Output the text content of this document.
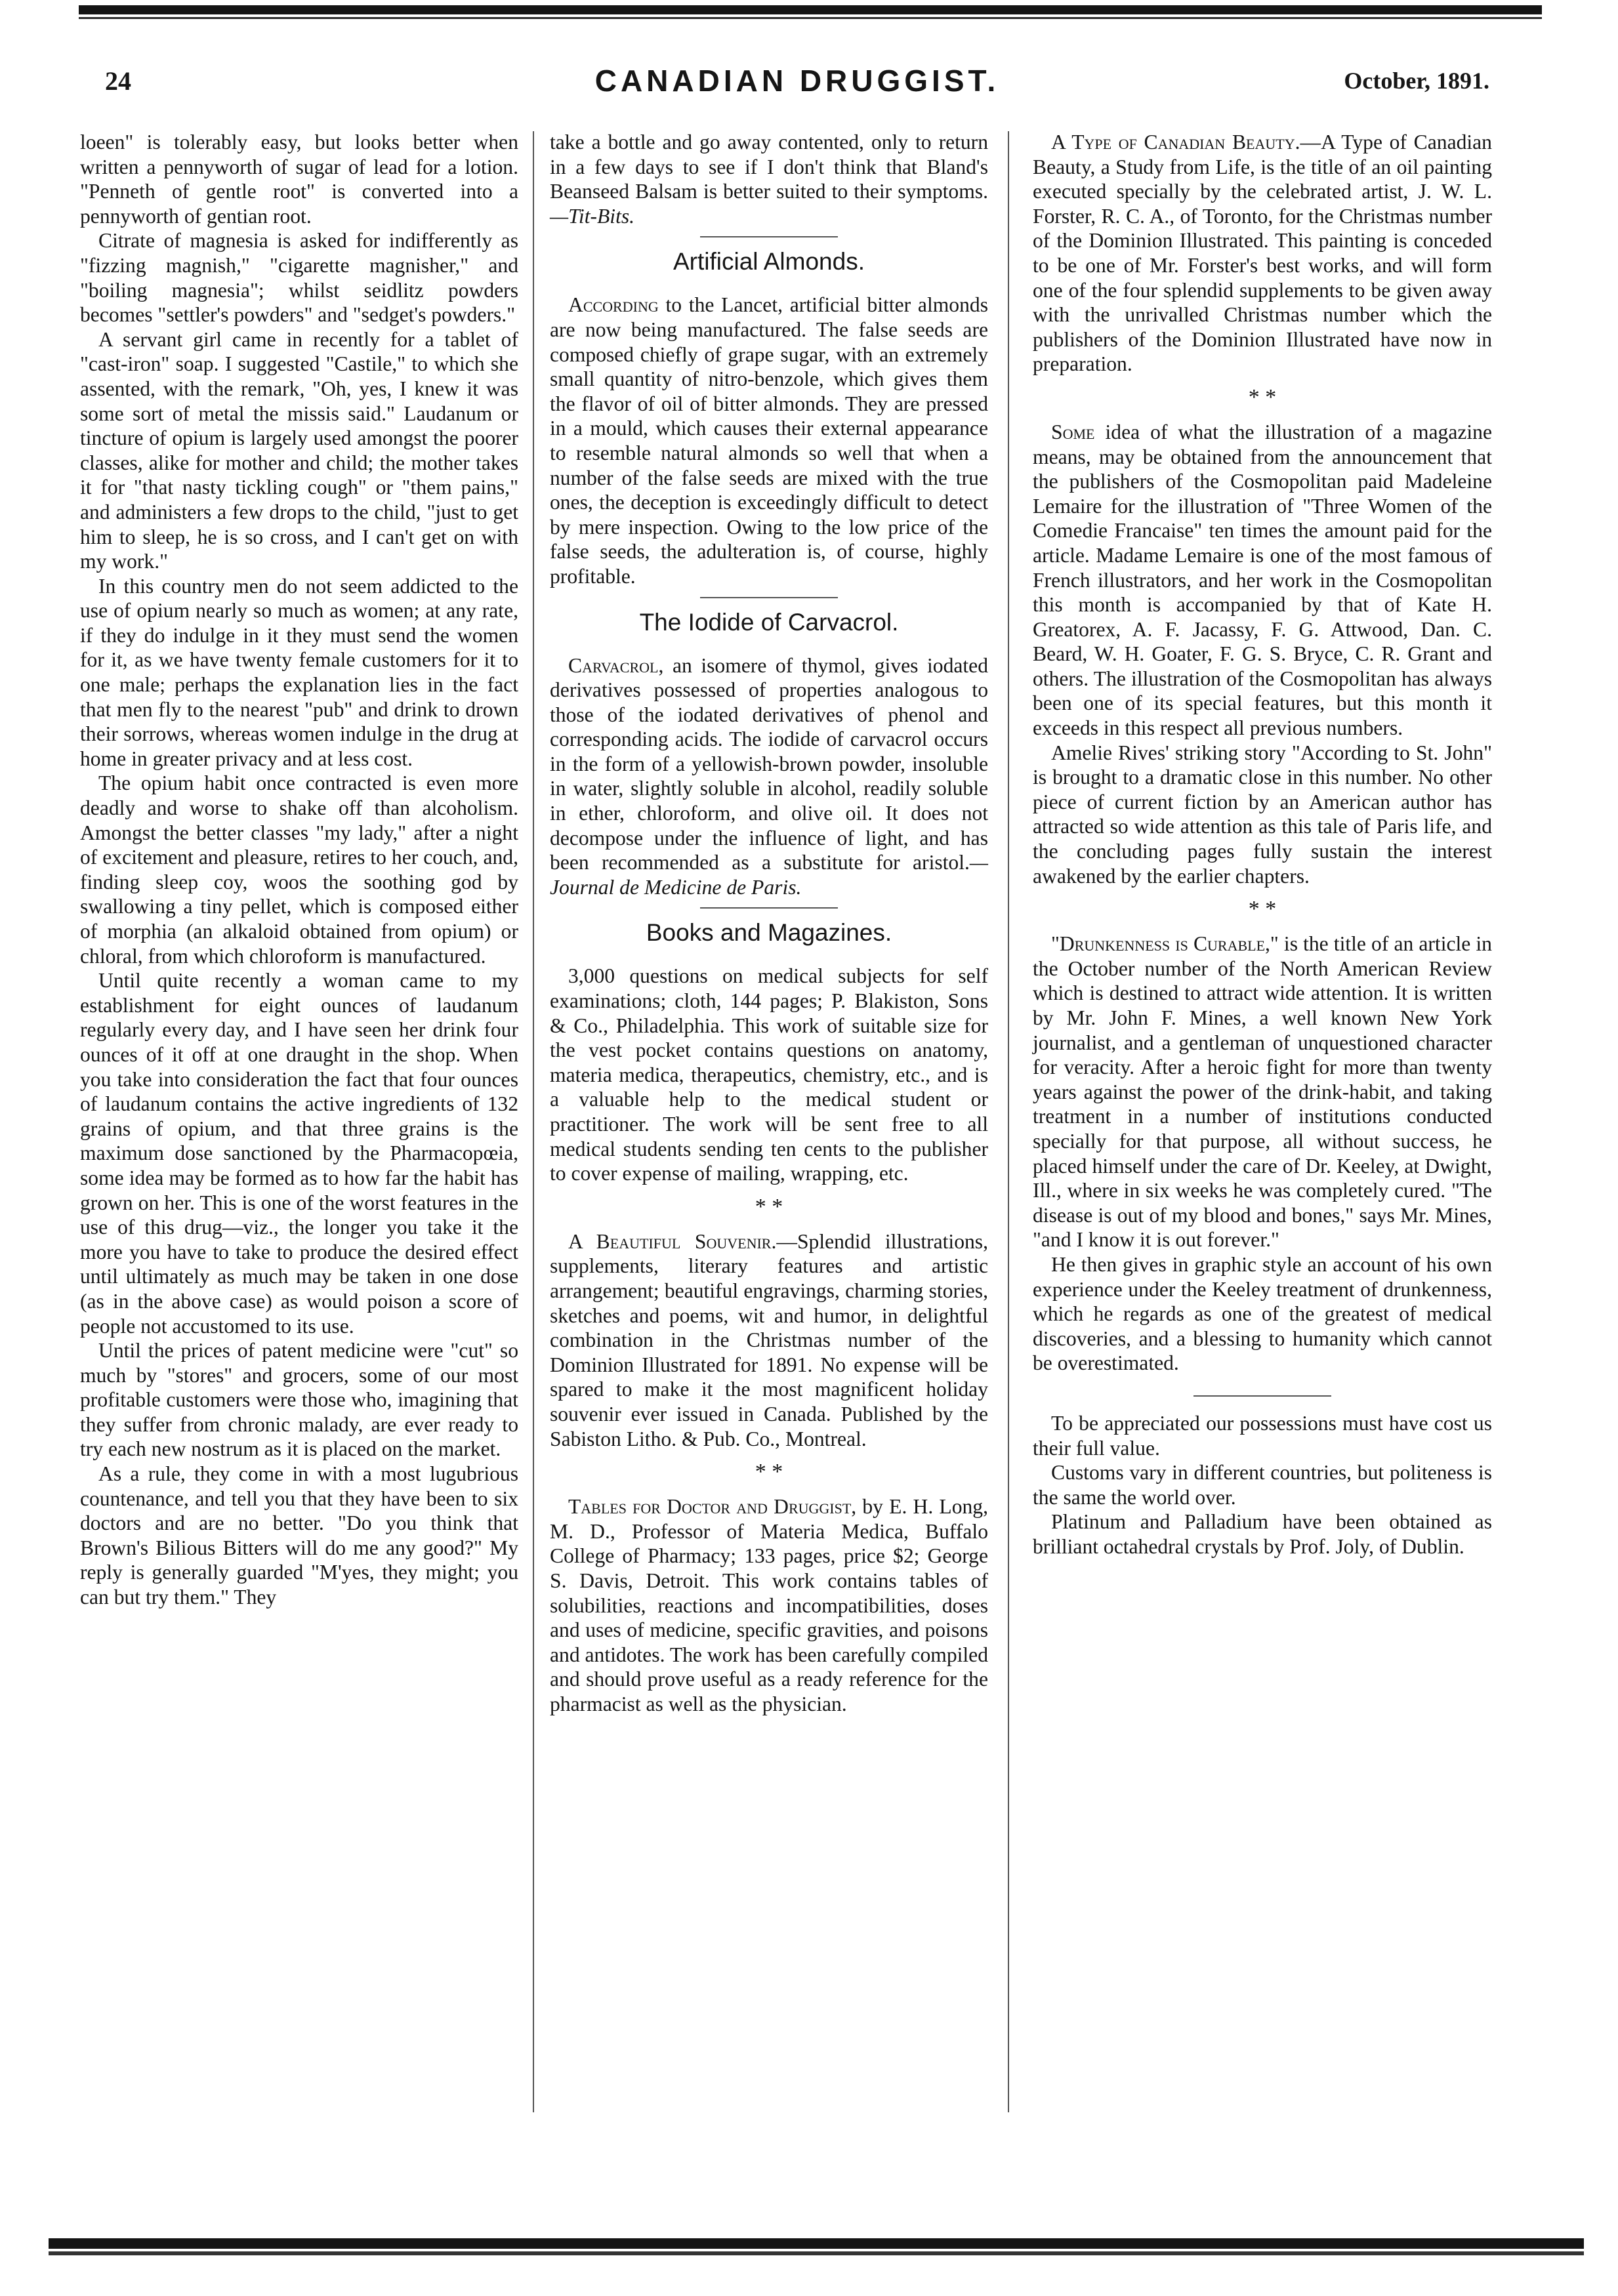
24	CANADIAN DRUGGIST.	October, 1891.

loeen" is tolerably easy, but looks better when written a pennyworth of sugar of lead for a lotion. "Penneth of gentle root" is converted into a pennyworth of gentian root.

Citrate of magnesia is asked for indifferently as "fizzing magnish," "cigarette magnisher," and "boiling magnesia"; whilst seidlitz powders becomes "settler's powders" and "sedget's powders."

A servant girl came in recently for a tablet of "cast-iron" soap. I suggested "Castile," to which she assented, with the remark, "Oh, yes, I knew it was some sort of metal the missis said." Laudanum or tincture of opium is largely used amongst the poorer classes, alike for mother and child; the mother takes it for "that nasty tickling cough" or "them pains," and administers a few drops to the child, "just to get him to sleep, he is so cross, and I can't get on with my work."

In this country men do not seem addicted to the use of opium nearly so much as women; at any rate, if they do indulge in it they must send the women for it, as we have twenty female customers for it to one male; perhaps the explanation lies in the fact that men fly to the nearest "pub" and drink to drown their sorrows, whereas women indulge in the drug at home in greater privacy and at less cost.

The opium habit once contracted is even more deadly and worse to shake off than alcoholism. Amongst the better classes "my lady," after a night of excitement and pleasure, retires to her couch, and, finding sleep coy, woos the soothing god by swallowing a tiny pellet, which is composed either of morphia (an alkaloid obtained from opium) or chloral, from which chloroform is manufactured.

Until quite recently a woman came to my establishment for eight ounces of laudanum regularly every day, and I have seen her drink four ounces of it off at one draught in the shop. When you take into consideration the fact that four ounces of laudanum contains the active ingredients of 132 grains of opium, and that three grains is the maximum dose sanctioned by the Pharmacopœia, some idea may be formed as to how far the habit has grown on her. This is one of the worst features in the use of this drug—viz., the longer you take it the more you have to take to produce the desired effect until ultimately as much may be taken in one dose (as in the above case) as would poison a score of people not accustomed to its use.

Until the prices of patent medicine were "cut" so much by "stores" and grocers, some of our most profitable customers were those who, imagining that they suffer from chronic malady, are ever ready to try each new nostrum as it is placed on the market.

As a rule, they come in with a most lugubrious countenance, and tell you that they have been to six doctors and are no better. "Do you think that Brown's Bilious Bitters will do me any good?" My reply is generally guarded "M'yes, they might; you can but try them." They

take a bottle and go away contented, only to return in a few days to see if I don't think that Bland's Beanseed Balsam is better suited to their symptoms.—Tit-Bits.

Artificial Almonds.

According to the Lancet, artificial bitter almonds are now being manufactured. The false seeds are composed chiefly of grape sugar, with an extremely small quantity of nitro-benzole, which gives them the flavor of oil of bitter almonds. They are pressed in a mould, which causes their external appearance to resemble natural almonds so well that when a number of the false seeds are mixed with the true ones, the deception is exceedingly difficult to detect by mere inspection. Owing to the low price of the false seeds, the adulteration is, of course, highly profitable.

The Iodide of Carvacrol.

Carvacrol, an isomere of thymol, gives iodated derivatives possessed of properties analogous to those of the iodated derivatives of phenol and corresponding acids. The iodide of carvacrol occurs in the form of a yellowish-brown powder, insoluble in water, slightly soluble in alcohol, readily soluble in ether, chloroform, and olive oil. It does not decompose under the influence of light, and has been recommended as a substitute for aristol.—Journal de Medicine de Paris.

Books and Magazines.

3,000 questions on medical subjects for self examinations; cloth, 144 pages; P. Blakiston, Sons & Co., Philadelphia. This work of suitable size for the vest pocket contains questions on anatomy, materia medica, therapeutics, chemistry, etc., and is a valuable help to the medical student or practitioner. The work will be sent free to all medical students sending ten cents to the publisher to cover expense of mailing, wrapping, etc.

* *

A Beautiful Souvenir.—Splendid illustrations, supplements, literary features and artistic arrangement; beautiful engravings, charming stories, sketches and poems, wit and humor, in delightful combination in the Christmas number of the Dominion Illustrated for 1891. No expense will be spared to make it the most magnificent holiday souvenir ever issued in Canada. Published by the Sabiston Litho. & Pub. Co., Montreal.

* *

Tables for Doctor and Druggist, by E. H. Long, M. D., Professor of Materia Medica, Buffalo College of Pharmacy; 133 pages, price $2; George S. Davis, Detroit. This work contains tables of solubilities, reactions and incompatibilities, doses and uses of medicine, specific gravities, and poisons and antidotes. The work has been carefully compiled and should prove useful as a ready reference for the pharmacist as well as the physician.

A Type of Canadian Beauty.—A Type of Canadian Beauty, a Study from Life, is the title of an oil painting executed specially by the celebrated artist, J. W. L. Forster, R. C. A., of Toronto, for the Christmas number of the Dominion Illustrated. This painting is conceded to be one of Mr. Forster's best works, and will form one of the four splendid supplements to be given away with the unrivalled Christmas number which the publishers of the Dominion Illustrated have now in preparation.

* *

Some idea of what the illustration of a magazine means, may be obtained from the announcement that the publishers of the Cosmopolitan paid Madeleine Lemaire for the illustration of "Three Women of the Comedie Francaise" ten times the amount paid for the article. Madame Lemaire is one of the most famous of French illustrators, and her work in the Cosmopolitan this month is accompanied by that of Kate H. Greatorex, A. F. Jacassy, F. G. Attwood, Dan. C. Beard, W. H. Goater, F. G. S. Bryce, C. R. Grant and others. The illustration of the Cosmopolitan has always been one of its special features, but this month it exceeds in this respect all previous numbers.

Amelie Rives' striking story "According to St. John" is brought to a dramatic close in this number. No other piece of current fiction by an American author has attracted so wide attention as this tale of Paris life, and the concluding pages fully sustain the interest awakened by the earlier chapters.

* *

"Drunkenness is Curable," is the title of an article in the October number of the North American Review which is destined to attract wide attention. It is written by Mr. John F. Mines, a well known New York journalist, and a gentleman of unquestioned character for veracity. After a heroic fight for more than twenty years against the power of the drink-habit, and taking treatment in a number of institutions conducted specially for that purpose, all without success, he placed himself under the care of Dr. Keeley, at Dwight, Ill., where in six weeks he was completely cured. "The disease is out of my blood and bones," says Mr. Mines, "and I know it is out forever."

He then gives in graphic style an account of his own experience under the Keeley treatment of drunkenness, which he regards as one of the greatest of medical discoveries, and a blessing to humanity which cannot be overestimated.

To be appreciated our possessions must have cost us their full value.

Customs vary in different countries, but politeness is the same the world over.

Platinum and Palladium have been obtained as brilliant octahedral crystals by Prof. Joly, of Dublin.
